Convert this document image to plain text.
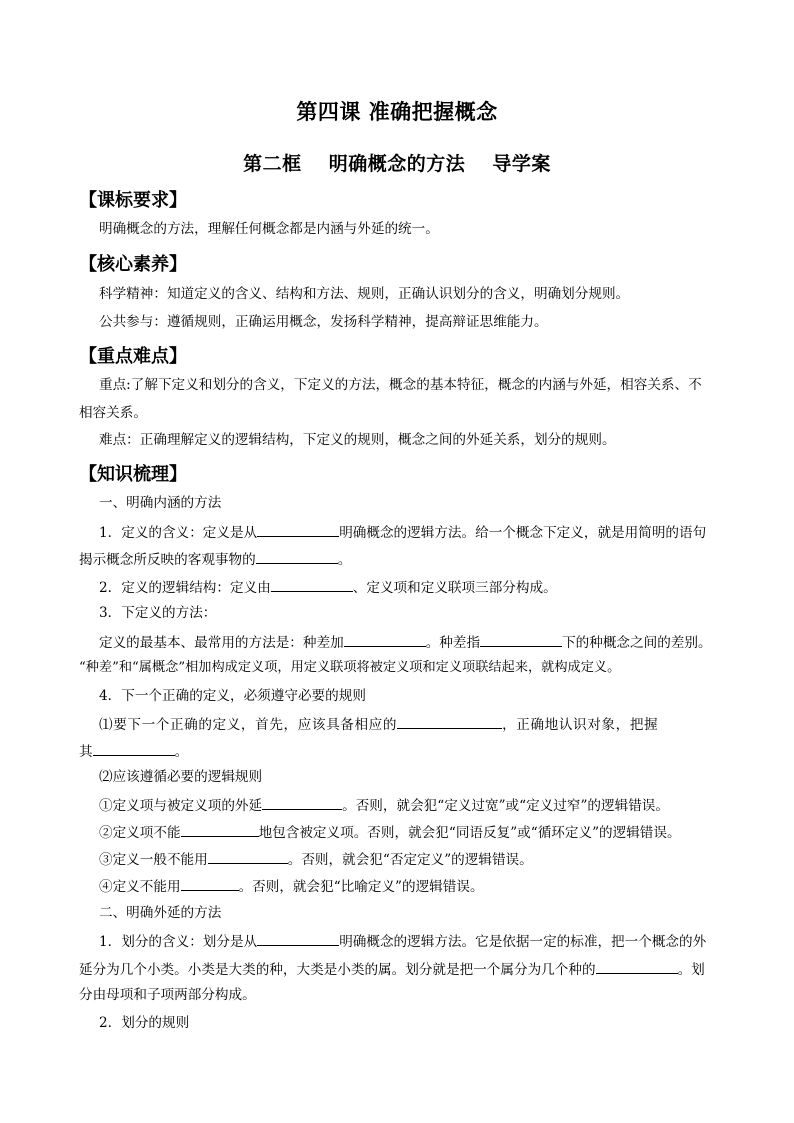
第四课 准确把握概念
第二框 明确概念的方法 导学案
【课标要求】
明确概念的方法，理解任何概念都是内涵与外延的统一。
【核心素养】
科学精神：知道定义的含义、结构和方法、规则，正确认识划分的含义，明确划分规则。
公共参与：遵循规则，正确运用概念，发扬科学精神，提高辩证思维能力。
【重点难点】
重点:了解下定义和划分的含义，下定义的方法，概念的基本特征，概念的内涵与外延，相容关系、不
相容关系。
难点：正确理解定义的逻辑结构，下定义的规则，概念之间的外延关系，划分的规则。
【知识梳理】
一、明确内涵的方法
1．定义的含义：定义是从	明确概念的逻辑方法。给一个概念下定义，就是用简明的语句
揭示概念所反映的客观事物的	。
2．定义的逻辑结构：定义由	、定义项和定义联项三部分构成。
3．下定义的方法：
定义的最基本、最常用的方法是：种差加	。种差指	下的种概念之间的差别。
“种差”和“属概念”相加构成定义项，用定义联项将被定义项和定义项联结起来，就构成定义。
4．下一个正确的定义，必须遵守必要的规则
⑴要下一个正确的定义，首先，应该具备相应的	，正确地认识对象，把握
其	。
⑵应该遵循必要的逻辑规则
①定义项与被定义项的外延	。否则，就会犯“定义过宽”或“定义过窄”的逻辑错误。
②定义项不能	地包含被定义项。否则，就会犯“同语反复”或“循环定义”的逻辑错误。
③定义一般不能用	。否则，就会犯“否定定义”的逻辑错误。
④定义不能用	。否则，就会犯“比喻定义”的逻辑错误。
二、明确外延的方法
1．划分的含义：划分是从	明确概念的逻辑方法。它是依据一定的标准，把一个概念的外
延分为几个小类。小类是大类的种，大类是小类的属。划分就是把一个属分为几个种的	。划
分由母项和子项两部分构成。
2．划分的规则
